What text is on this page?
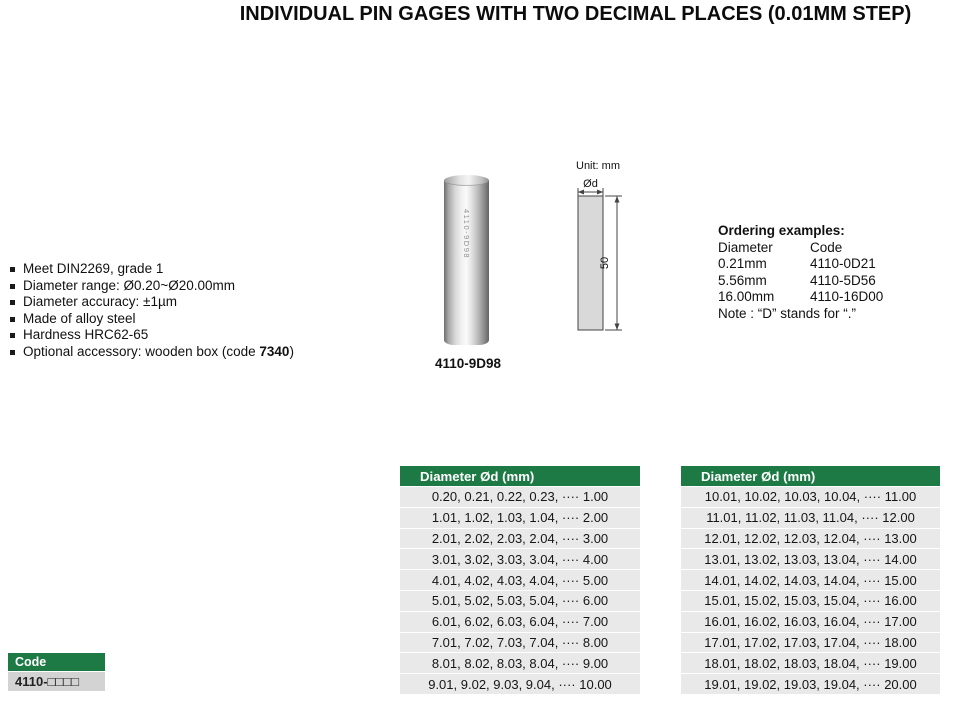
INDIVIDUAL PIN GAGES WITH TWO DECIMAL PLACES (0.01MM STEP)
Meet DIN2269, grade 1
Diameter range: Ø0.20~Ø20.00mm
Diameter accuracy: ±1µm
Made of alloy steel
Hardness HRC62-65
Optional accessory: wooden box (code 7340)
4110-9D98
4110-9D98
Unit: mm
Ød
50
Ordering examples:
Diameter	Code
0.21mm	4110-0D21
5.56mm	4110-5D56
16.00mm	4110-16D00
Note : “D” stands for “.”
Diameter Ød (mm)
0.20, 0.21, 0.22, 0.23, ···· 1.00
1.01, 1.02, 1.03, 1.04, ···· 2.00
2.01, 2.02, 2.03, 2.04, ···· 3.00
3.01, 3.02, 3.03, 3.04, ···· 4.00
4.01, 4.02, 4.03, 4.04, ···· 5.00
5.01, 5.02, 5.03, 5.04, ···· 6.00
6.01, 6.02, 6.03, 6.04, ···· 7.00
7.01, 7.02, 7.03, 7.04, ···· 8.00
8.01, 8.02, 8.03, 8.04, ···· 9.00
9.01, 9.02, 9.03, 9.04, ···· 10.00
Diameter Ød (mm)
10.01, 10.02, 10.03, 10.04, ···· 11.00
11.01, 11.02, 11.03, 11.04, ···· 12.00
12.01, 12.02, 12.03, 12.04, ···· 13.00
13.01, 13.02, 13.03, 13.04, ···· 14.00
14.01, 14.02, 14.03, 14.04, ···· 15.00
15.01, 15.02, 15.03, 15.04, ···· 16.00
16.01, 16.02, 16.03, 16.04, ···· 17.00
17.01, 17.02, 17.03, 17.04, ···· 18.00
18.01, 18.02, 18.03, 18.04, ···· 19.00
19.01, 19.02, 19.03, 19.04, ···· 20.00
Code
4110-□□□□
